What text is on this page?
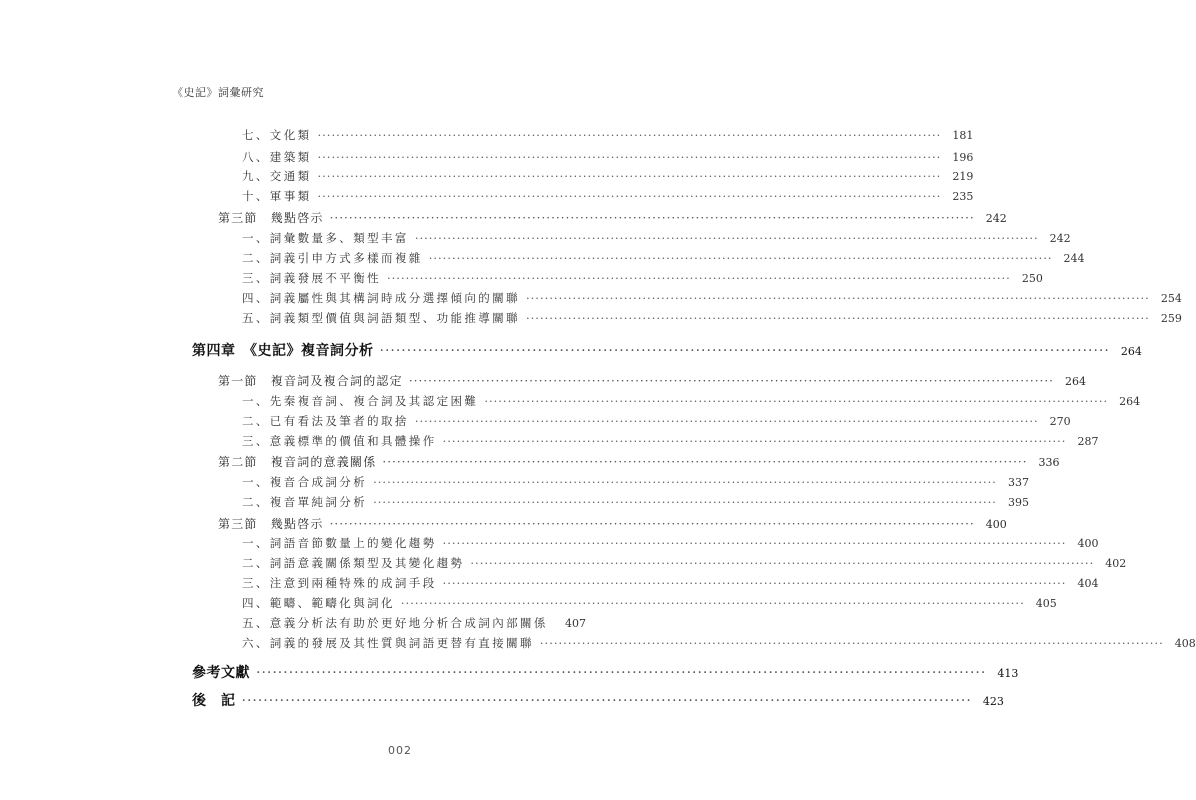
《史記》詞彙研究
七、文化類 ······································································································································	181
八、建築類 ······································································································································	196
九、交通類 ······································································································································	219
十、軍事類 ······································································································································	235
第三節　幾點啓示 ······································································································································	242
一、詞彙數量多、類型丰富 ······································································································································	242
二、詞義引申方式多樣而複雜 ······································································································································	244
三、詞義發展不平衡性 ······································································································································	250
四、詞義屬性與其構詞時成分選擇傾向的關聯 ······································································································································	254
五、詞義類型價值與詞語類型、功能推導關聯 ······································································································································	259
第四章　《史記》複音詞分析 ······································································································································	264
第一節　複音詞及複合詞的認定 ······································································································································	264
一、先秦複音詞、複合詞及其認定困難 ······································································································································	264
二、已有看法及筆者的取捨 ······································································································································	270
三、意義標準的價值和具體操作 ······································································································································	287
第二節　複音詞的意義關係 ······································································································································	336
一、複音合成詞分析 ······································································································································	337
二、複音單純詞分析 ······································································································································	395
第三節　幾點啓示 ······································································································································	400
一、詞語音節數量上的變化趨勢 ······································································································································	400
二、詞語意義關係類型及其變化趨勢 ······································································································································	402
三、注意到兩種特殊的成詞手段 ······································································································································	404
四、範疇、範疇化與詞化 ······································································································································	405
五、意義分析法有助於更好地分析合成詞內部關係	407
六、詞義的發展及其性質與詞語更替有直接關聯 ······································································································································	408
參考文獻 ······································································································································	413
後　記 ······································································································································	423
002
